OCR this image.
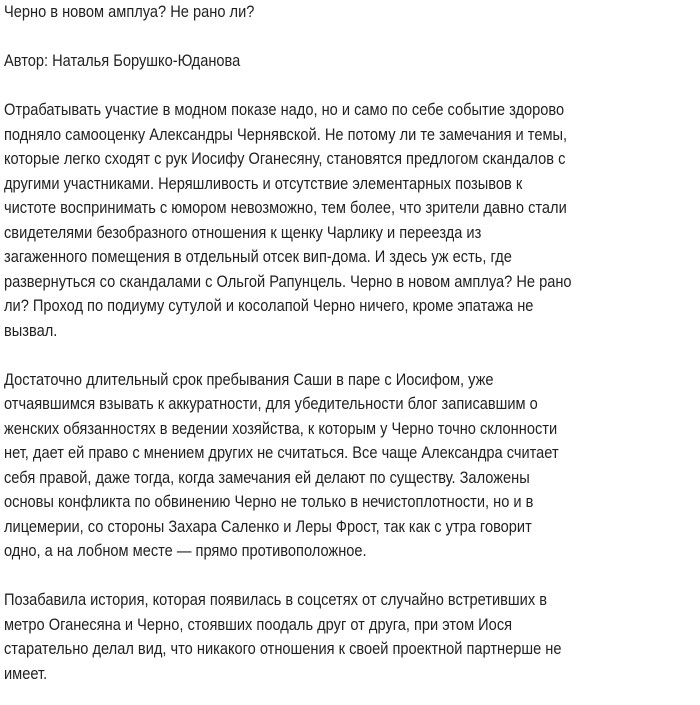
Черно в новом амплуа? Не рано ли?
Автор: Наталья Борушко-Юданова
Отрабатывать участие в модном показе надо, но и само по себе событие здорово
подняло самооценку Александры Чернявской. Не потому ли те замечания и темы,
которые легко сходят с рук Иосифу Оганесяну, становятся предлогом скандалов с
другими участниками. Неряшливость и отсутствие элементарных позывов к
чистоте воспринимать с юмором невозможно, тем более, что зрители давно стали
свидетелями безобразного отношения к щенку Чарлику и переезда из
загаженного помещения в отдельный отсек вип-дома. И здесь уж есть, где
развернуться со скандалами с Ольгой Рапунцель. Черно в новом амплуа? Не рано
ли? Проход по подиуму сутулой и косолапой Черно ничего, кроме эпатажа не
вызвал.
Достаточно длительный срок пребывания Саши в паре с Иосифом, уже
отчаявшимся взывать к аккуратности, для убедительности блог записавшим о
женских обязанностях в ведении хозяйства, к которым у Черно точно склонности
нет, дает ей право с мнением других не считаться. Все чаще Александра считает
себя правой, даже тогда, когда замечания ей делают по существу. Заложены
основы конфликта по обвинению Черно не только в нечистоплотности, но и в
лицемерии, со стороны Захара Саленко и Леры Фрост, так как с утра говорит
одно, а на лобном месте — прямо противоположное.
Позабавила история, которая появилась в соцсетях от случайно встретивших в
метро Оганесяна и Черно, стоявших поодаль друг от друга, при этом Иося
старательно делал вид, что никакого отношения к своей проектной партнерше не
имеет.
